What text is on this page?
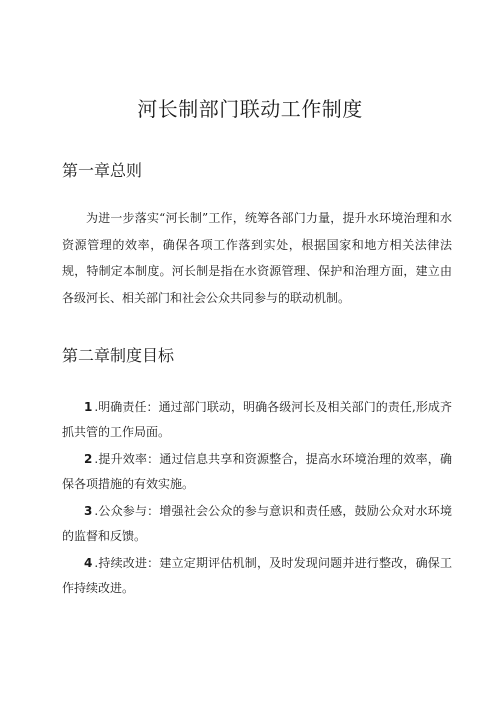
河长制部门联动工作制度
第一章总则
为进一步落实“河长制”工作，统筹各部门力量，提升水环境治理和水资源管理的效率，确保各项工作落到实处，根据国家和地方相关法律法规，特制定本制度。河长制是指在水资源管理、保护和治理方面，建立由各级河长、相关部门和社会公众共同参与的联动机制。
第二章制度目标
1 .明确责任：通过部门联动，明确各级河长及相关部门的责任,形成齐抓共管的工作局面。
2 .提升效率：通过信息共享和资源整合，提高水环境治理的效率，确保各项措施的有效实施。
3 .公众参与：增强社会公众的参与意识和责任感，鼓励公众对水环境的监督和反馈。
4 .持续改进：建立定期评估机制，及时发现问题并进行整改，确保工作持续改进。
